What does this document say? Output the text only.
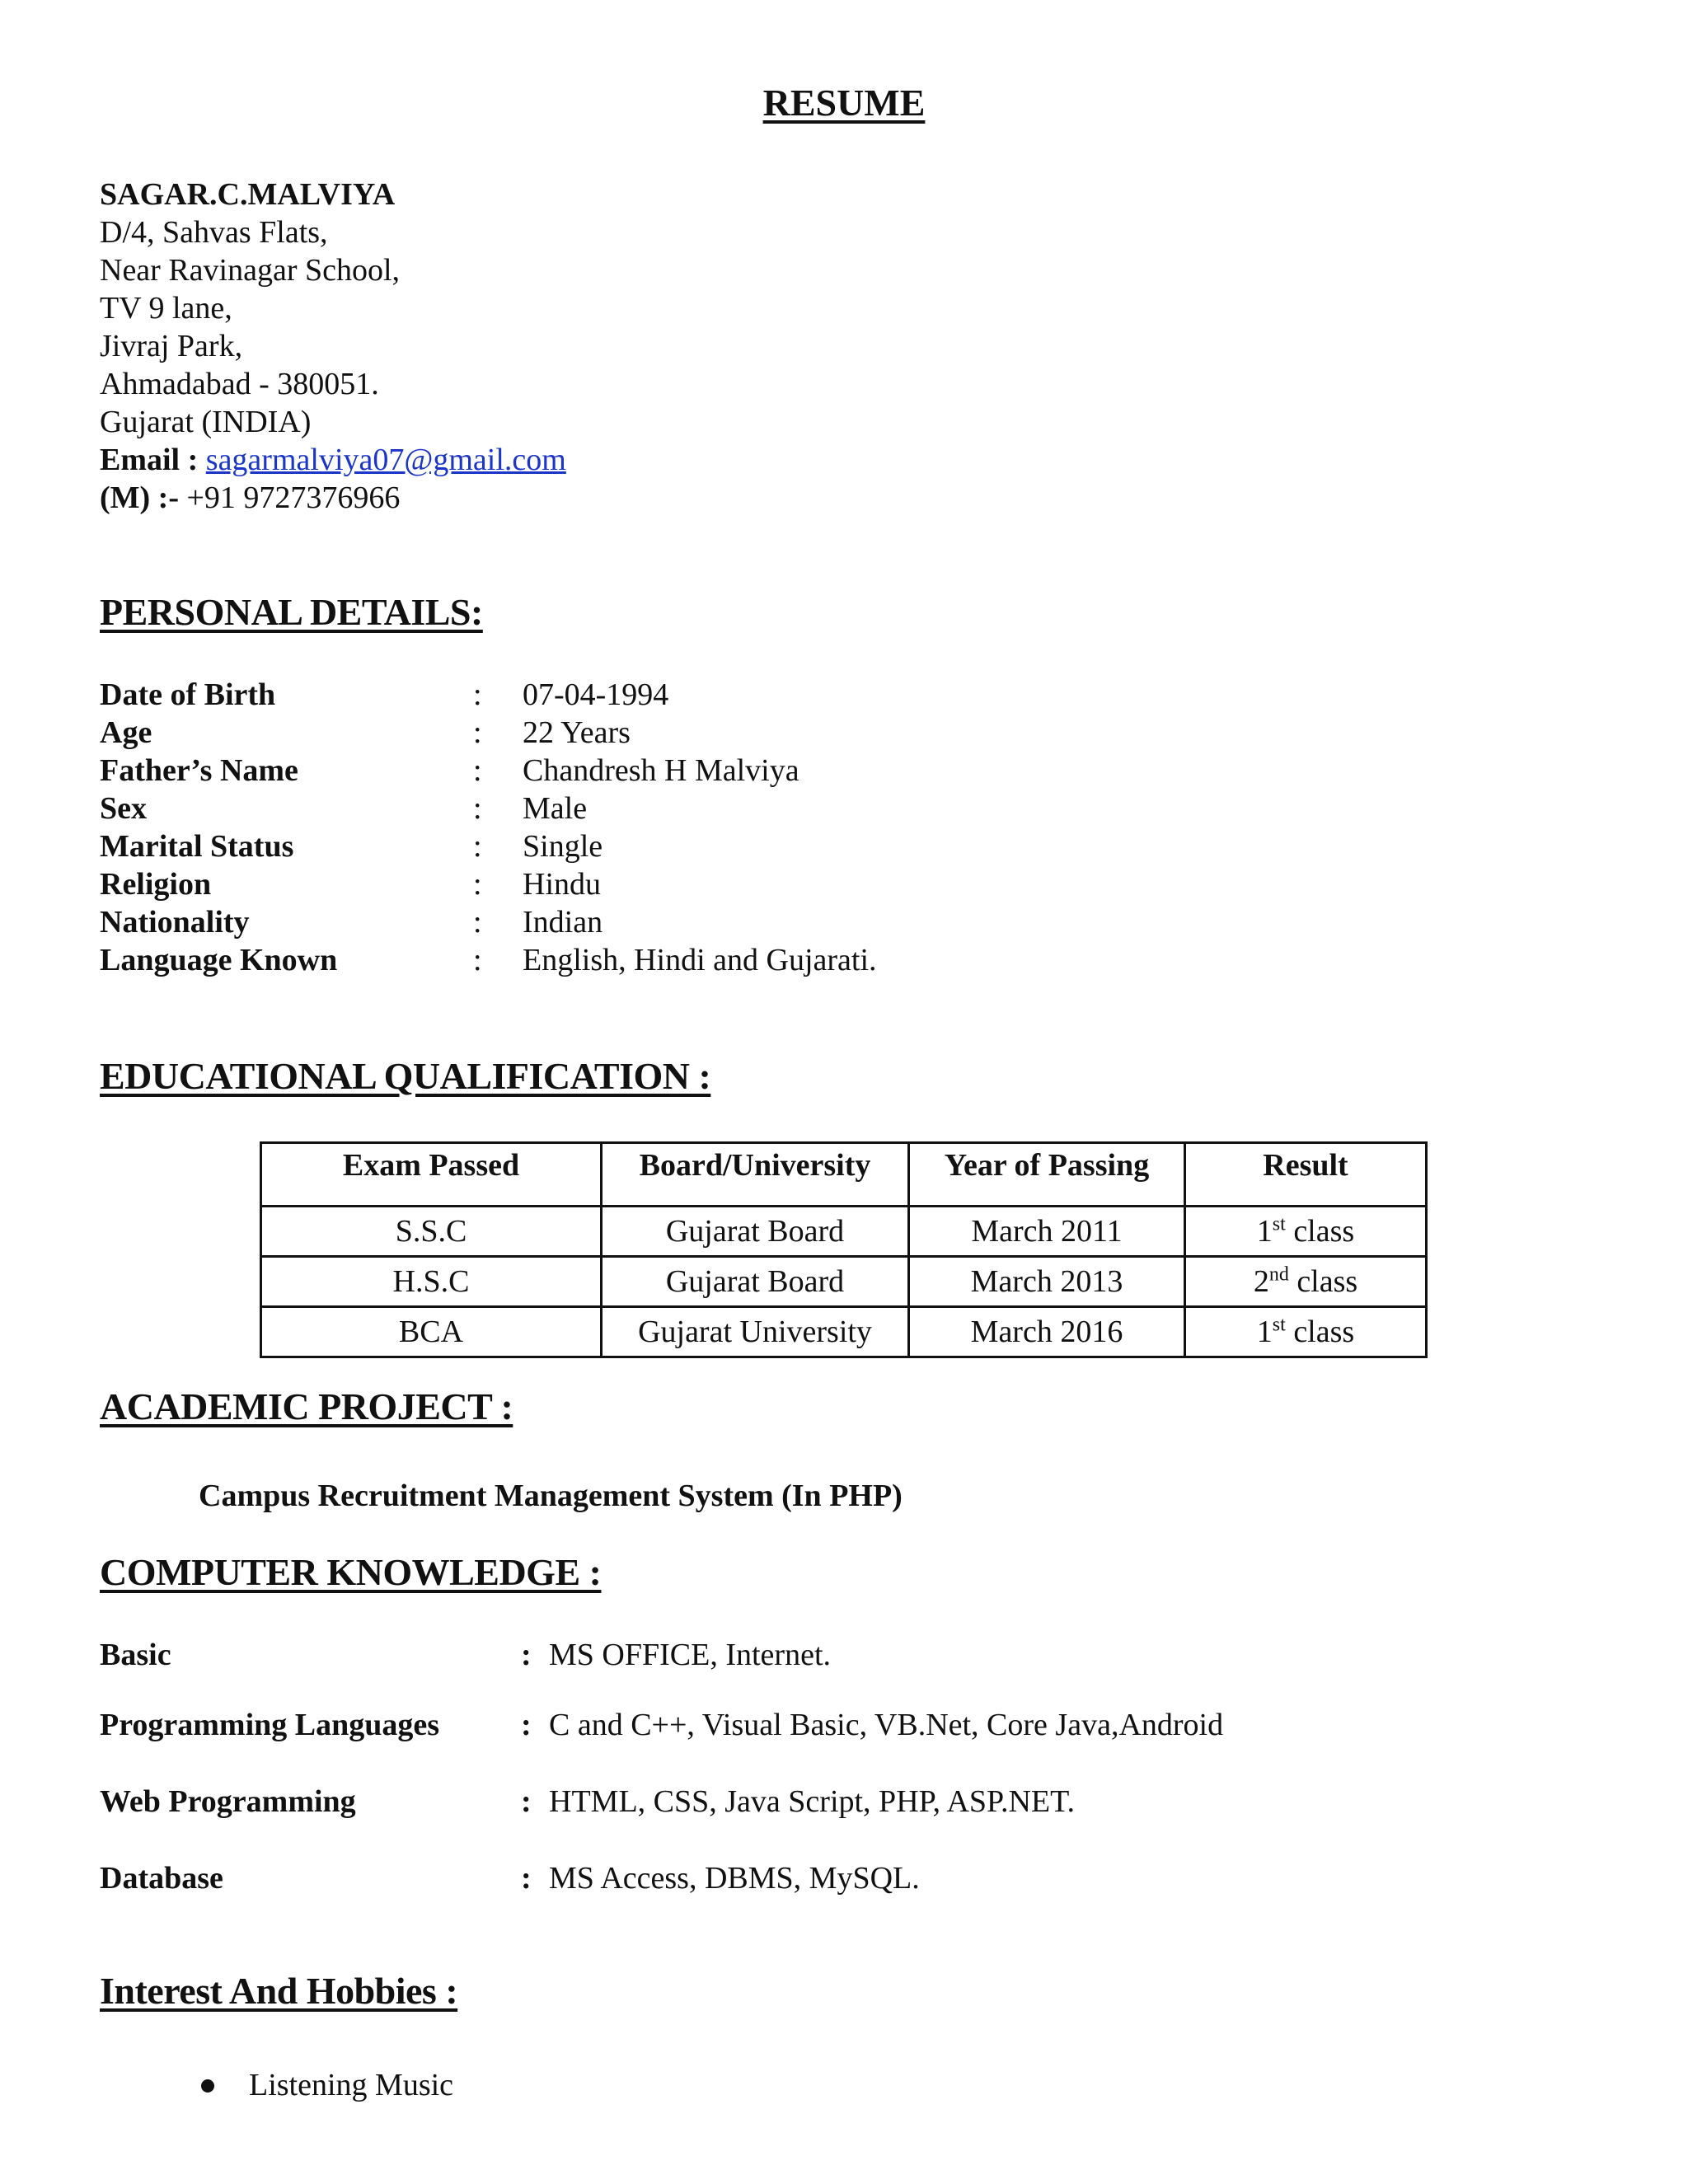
RESUME
SAGAR.C.MALVIYA
D/4, Sahvas Flats,
Near Ravinagar School,
TV 9 lane,
Jivraj Park,
Ahmadabad - 380051.
Gujarat (INDIA)
Email : sagarmalviya07@gmail.com
(M) :- +91 9727376966
PERSONAL DETAILS:
Date of Birth	: 07-04-1994
Age	: 22 Years
Father’s Name	: Chandresh H Malviya
Sex	: Male
Marital Status	: Single
Religion	: Hindu
Nationality	: Indian
Language Known	: English, Hindi and Gujarati.
EDUCATIONAL QUALIFICATION :
Exam Passed	Board/University	Year of Passing	Result
S.S.C	Gujarat Board	March 2011	1st class
H.S.C	Gujarat Board	March 2013	2nd class
BCA	Gujarat University	March 2016	1st class
ACADEMIC PROJECT :
Campus Recruitment Management System (In PHP)
COMPUTER KNOWLEDGE :
Basic	: MS OFFICE, Internet.
Programming Languages	: C and C++, Visual Basic, VB.Net, Core Java,Android
Web Programming	: HTML, CSS, Java Script, PHP, ASP.NET.
Database	: MS Access, DBMS, MySQL.
Interest And Hobbies :
Listening Music
